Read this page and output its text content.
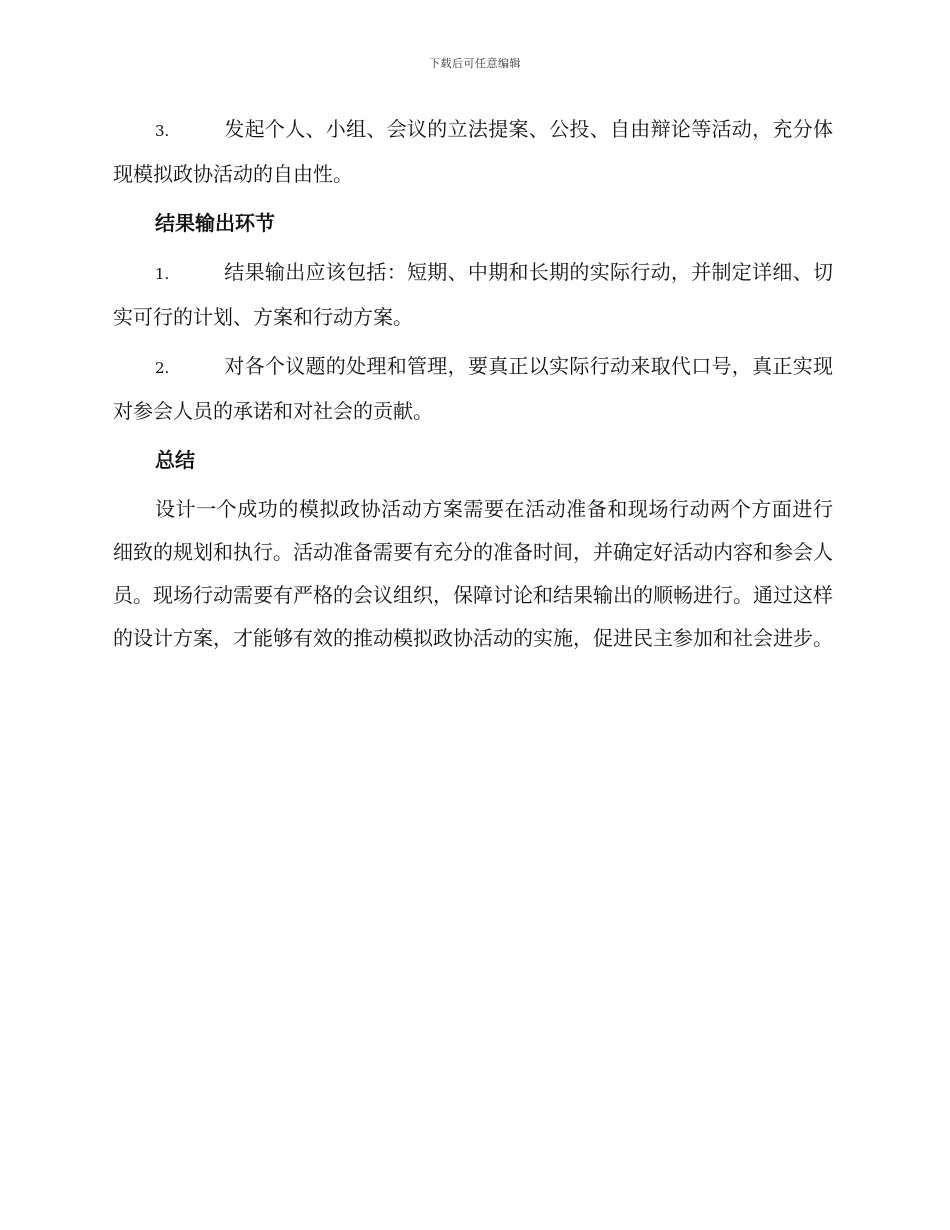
下载后可任意编辑

3.	发起个人、小组、会议的立法提案、公投、自由辩论等活动，充分体现模拟政协活动的自由性。

结果输出环节

1.	结果输出应该包括：短期、中期和长期的实际行动，并制定详细、切实可行的计划、方案和行动方案。

2.	对各个议题的处理和管理，要真正以实际行动来取代口号，真正实现对参会人员的承诺和对社会的贡献。

总结

设计一个成功的模拟政协活动方案需要在活动准备和现场行动两个方面进行细致的规划和执行。活动准备需要有充分的准备时间，并确定好活动内容和参会人员。现场行动需要有严格的会议组织，保障讨论和结果输出的顺畅进行。通过这样的设计方案，才能够有效的推动模拟政协活动的实施，促进民主参加和社会进步。
